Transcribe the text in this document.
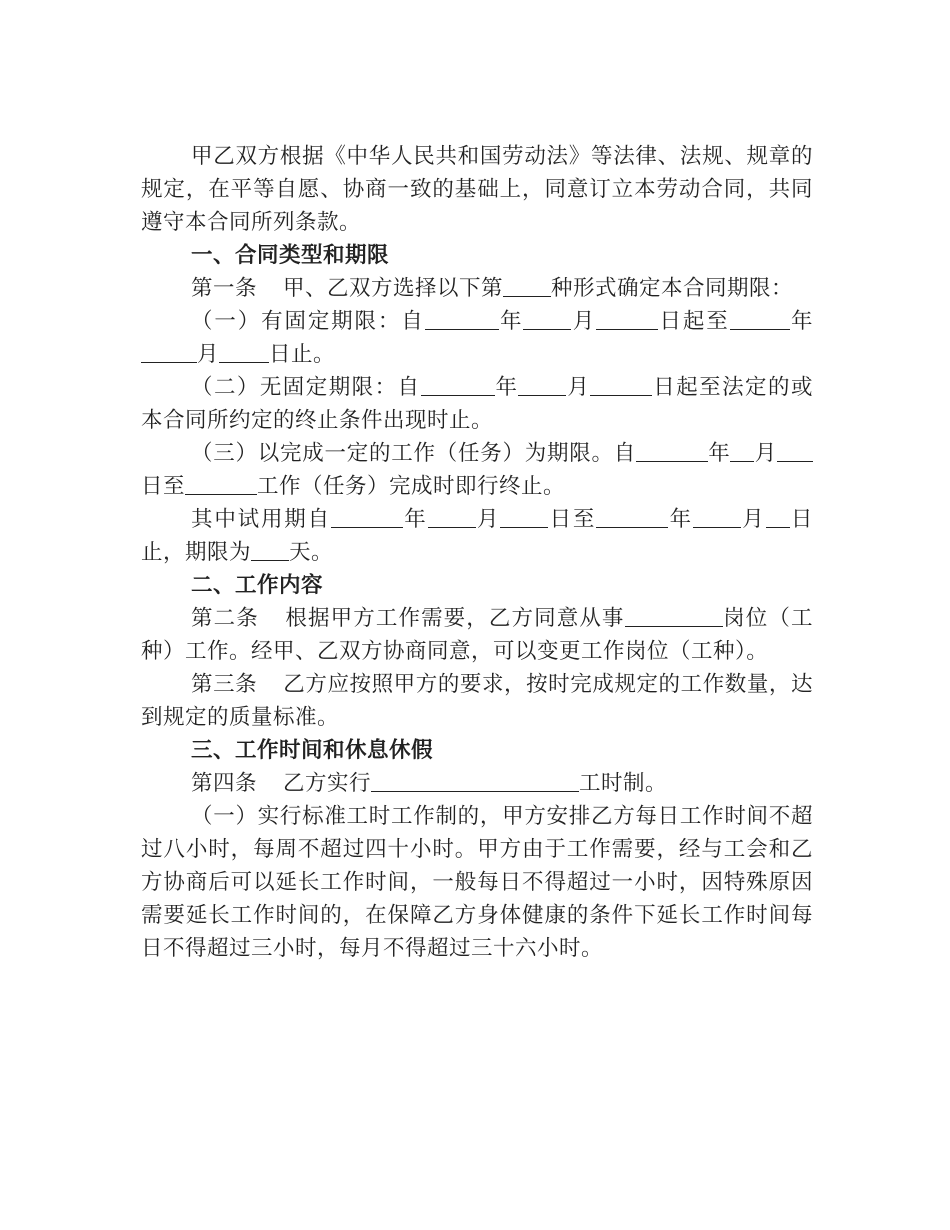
甲乙双方根据《中华人民共和国劳动法》等法律、法规、规章的规定，在平等自愿、协商一致的基础上，同意订立本劳动合同，共同遵守本合同所列条款。

一、合同类型和期限

第一条 甲、乙双方选择以下第 种形式确定本合同期限：

（一）有固定期限：自	年 月	日起至	年月 日止。

（二）无固定期限：自	年 月	日起至法定的或本合同所约定的终止条件出现时止。

（三）以完成一定的工作（任务）为期限。自	年 月日至	工作（任务）完成时即行终止。

其中试用期自	年 月 日至	年 月 日止，期限为 天。

二、工作内容

第二条 根据甲方工作需要，乙方同意从事	岗位（工种）工作。经甲、乙双方协商同意，可以变更工作岗位（工种）。

第三条 乙方应按照甲方的要求，按时完成规定的工作数量，达到规定的质量标准。

三、工作时间和休息休假

第四条 乙方实行	工时制。

（一）实行标准工时工作制的，甲方安排乙方每日工作时间不超过八小时，每周不超过四十小时。甲方由于工作需要，经与工会和乙方协商后可以延长工作时间，一般每日不得超过一小时，因特殊原因需要延长工作时间的，在保障乙方身体健康的条件下延长工作时间每日不得超过三小时，每月不得超过三十六小时。
